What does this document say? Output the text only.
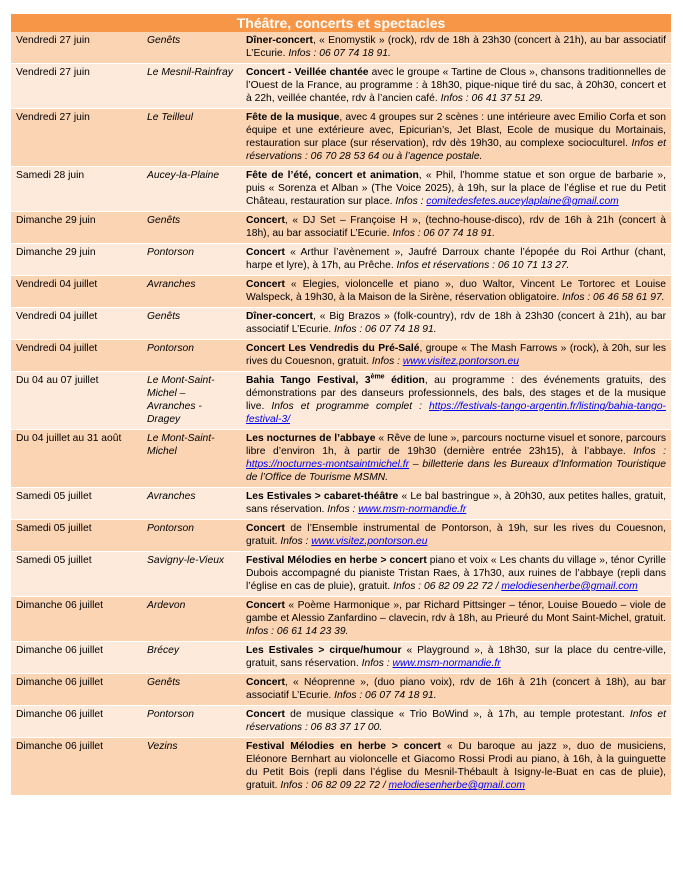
Théâtre, concerts et spectacles
Vendredi 27 juin	Genêts	Dîner-concert, « Enomystik » (rock), rdv de 18h à 23h30 (concert à 21h), au bar associatif L’Ecurie. Infos : 06 07 74 18 91.
Vendredi 27 juin	Le Mesnil-Rainfray	Concert - Veillée chantée avec le groupe « Tartine de Clous », chansons traditionnelles de l’Ouest de la France, au programme : à 18h30, pique-nique tiré du sac, à 20h30, concert et à 22h, veillée chantée, rdv à l’ancien café. Infos : 06 41 37 51 29.
Vendredi 27 juin	Le Teilleul	Fête de la musique, avec 4 groupes sur 2 scènes : une intérieure avec Emilio Corfa et son équipe et une extérieure avec, Epicurian’s, Jet Blast, Ecole de musique du Mortainais, restauration sur place (sur réservation), rdv dès 19h30, au complexe socioculturel. Infos et réservations : 06 70 28 53 64 ou à l’agence postale.
Samedi 28 juin	Aucey-la-Plaine	Fête de l’été, concert et animation, « Phil, l’homme statue et son orgue de barbarie », puis « Sorenza et Alban » (The Voice 2025), à 19h, sur la place de l’église et rue du Petit Château, restauration sur place. Infos : comitedesfetes.auceylaplaine@gmail.com
Dimanche 29 juin	Genêts	Concert, « DJ Set – Françoise H », (techno-house-disco), rdv de 16h à 21h (concert à 18h), au bar associatif L’Ecurie. Infos : 06 07 74 18 91.
Dimanche 29 juin	Pontorson	Concert « Arthur l’avènement », Jaufré Darroux chante l’épopée du Roi Arthur (chant, harpe et lyre), à 17h, au Prêche. Infos et réservations : 06 10 71 13 27.
Vendredi 04 juillet	Avranches	Concert « Elegies, violoncelle et piano », duo Waltor, Vincent Le Tortorec et Louise Walspeck, à 19h30, à la Maison de la Sirène, réservation obligatoire. Infos : 06 46 58 61 97.
Vendredi 04 juillet	Genêts	Dîner-concert, « Big Brazos » (folk-country), rdv de 18h à 23h30 (concert à 21h), au bar associatif L’Ecurie. Infos : 06 07 74 18 91.
Vendredi 04 juillet	Pontorson	Concert Les Vendredis du Pré-Salé, groupe « The Mash Farrows » (rock), à 20h, sur les rives du Couesnon, gratuit. Infos : www.visitez.pontorson.eu
Du 04 au 07 juillet	Le Mont-Saint-Michel – Avranches - Dragey	Bahia Tango Festival, 3ème édition, au programme : des événements gratuits, des démonstrations par des danseurs professionnels, des bals, des stages et de la musique live. Infos et programme complet : https://festivals-tango-argentin.fr/listing/bahia-tango-festival-3/
Du 04 juillet au 31 août	Le Mont-Saint-Michel	Les nocturnes de l’abbaye « Rêve de lune », parcours nocturne visuel et sonore, parcours libre d’environ 1h, à partir de 19h30 (dernière entrée 23h15), à l’abbaye. Infos : https://nocturnes-montsaintmichel.fr – billetterie dans les Bureaux d’Information Touristique de l’Office de Tourisme MSMN.
Samedi 05 juillet	Avranches	Les Estivales > cabaret-théâtre « Le bal bastringue », à 20h30, aux petites halles, gratuit, sans réservation. Infos : www.msm-normandie.fr
Samedi 05 juillet	Pontorson	Concert de l’Ensemble instrumental de Pontorson, à 19h, sur les rives du Couesnon, gratuit. Infos : www.visitez.pontorson.eu
Samedi 05 juillet	Savigny-le-Vieux	Festival Mélodies en herbe > concert piano et voix « Les chants du village », ténor Cyrille Dubois accompagné du pianiste Tristan Raes, à 17h30, aux ruines de l’abbaye (repli dans l’église en cas de pluie), gratuit. Infos : 06 82 09 22 72 / melodiesenherbe@gmail.com
Dimanche 06 juillet	Ardevon	Concert « Poème Harmonique », par Richard Pittsinger – ténor, Louise Bouedo – viole de gambe et Alessio Zanfardino – clavecin, rdv à 18h, au Prieuré du Mont Saint-Michel, gratuit. Infos : 06 61 14 23 39.
Dimanche 06 juillet	Brécey	Les Estivales > cirque/humour « Playground », à 18h30, sur la place du centre-ville, gratuit, sans réservation. Infos : www.msm-normandie.fr
Dimanche 06 juillet	Genêts	Concert, « Néoprenne », (duo piano voix), rdv de 16h à 21h (concert à 18h), au bar associatif L’Ecurie. Infos : 06 07 74 18 91.
Dimanche 06 juillet	Pontorson	Concert de musique classique « Trio BoWind », à 17h, au temple protestant. Infos et réservations : 06 83 37 17 00.
Dimanche 06 juillet	Vezins	Festival Mélodies en herbe > concert « Du baroque au jazz », duo de musiciens, Eléonore Bernhart au violoncelle et Giacomo Rossi Prodi au piano, à 16h, à la guinguette du Petit Bois (repli dans l’église du Mesnil-Thébault à Isigny-le-Buat en cas de pluie), gratuit. Infos : 06 82 09 22 72 / melodiesenherbe@gmail.com
